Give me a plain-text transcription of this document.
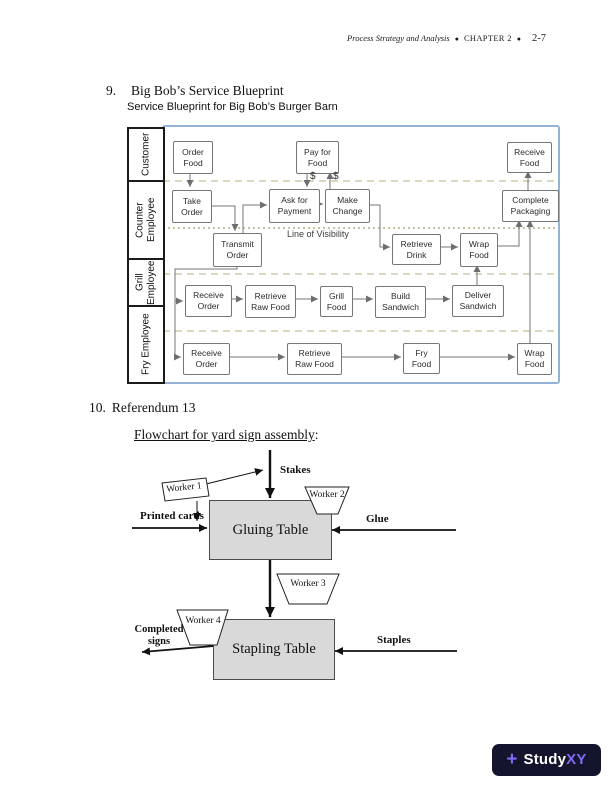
Process Strategy and Analysis ● CHAPTER 2 ● 2-7
9. Big Bob’s Service Blueprint
Service Blueprint for Big Bob’s Burger Barn
Customer
Counter Employee
Grill Employee
Fry Employee
Order Food
Pay for Food
Receive Food
Take Order
Ask for Payment
Make Change
Complete Packaging
Transmit Order
Retrieve Drink
Wrap Food
Receive Order
Retrieve Raw Food
Grill Food
Build Sandwich
Deliver Sandwich
Receive Order
Retrieve Raw Food
Fry Food
Wrap Food
Line of Visibility
$ $
10. Referendum 13
Flowchart for yard sign assembly:
Gluing Table
Stapling Table
Worker 1
Worker 2
Worker 3
Worker 4
Stakes
Printed cards	Glue
Staples
Completed signs
+ StudyXY
